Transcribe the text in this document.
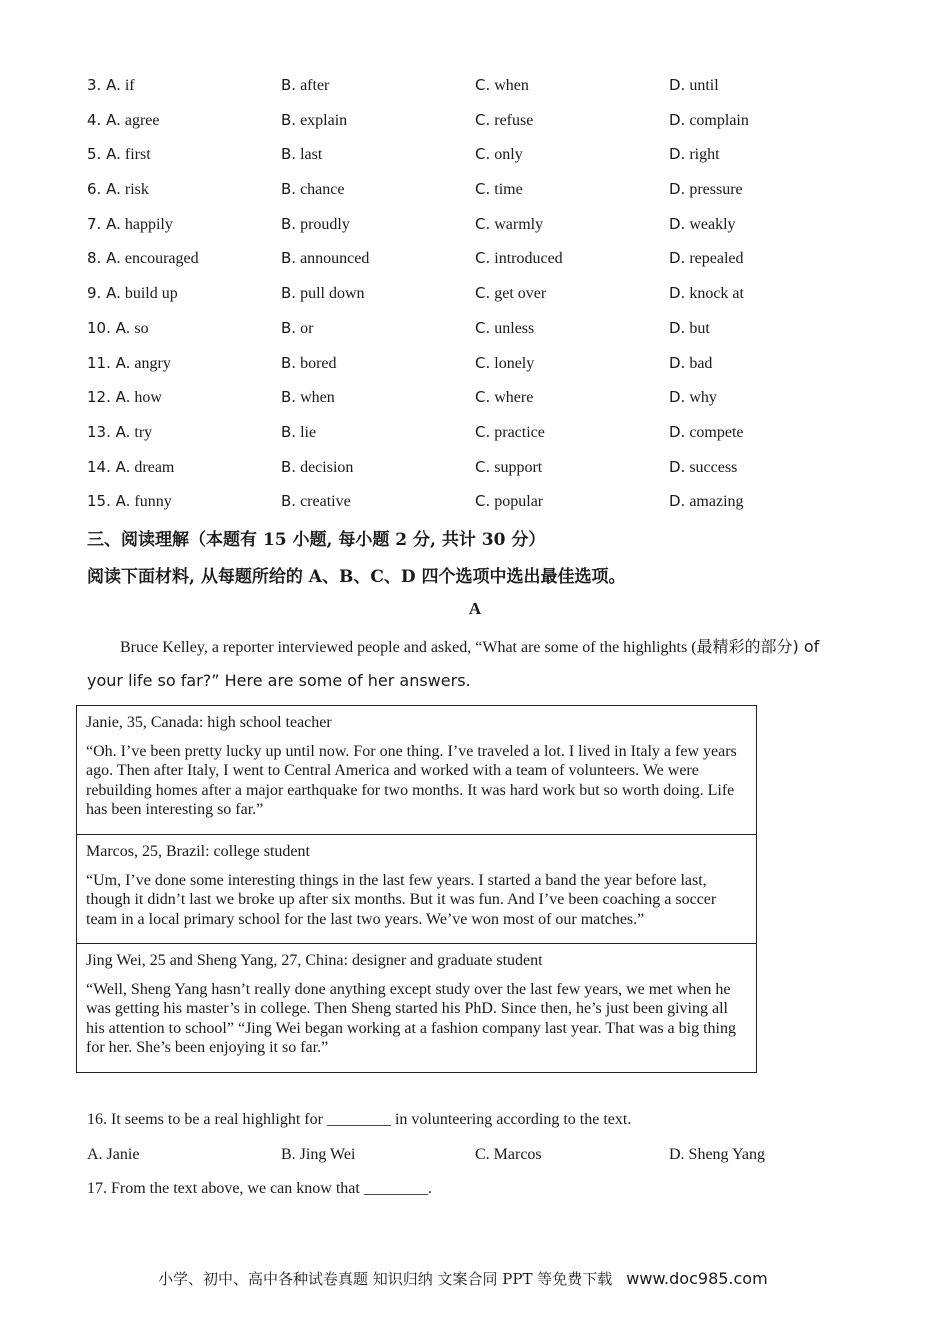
3. A. if	B. after	C. when	D. until
4. A. agree	B. explain	C. refuse	D. complain
5. A. first	B. last	C. only	D. right
6. A. risk	B. chance	C. time	D. pressure
7. A. happily	B. proudly	C. warmly	D. weakly
8. A. encouraged	B. announced	C. introduced	D. repealed
9. A. build up	B. pull down	C. get over	D. knock at
10. A. so	B. or	C. unless	D. but
11. A. angry	B. bored	C. lonely	D. bad
12. A. how	B. when	C. where	D. why
13. A. try	B. lie	C. practice	D. compete
14. A. dream	B. decision	C. support	D. success
15. A. funny	B. creative	C. popular	D. amazing
三、阅读理解（本题有 15 小题, 每小题 2 分, 共计 30 分）
阅读下面材料, 从每题所给的 A、B、C、D 四个选项中选出最佳选项。
A
Bruce Kelley, a reporter interviewed people and asked, “What are some of the highlights (最精彩的部分) of
your life so far?” Here are some of her answers.
Janie, 35, Canada: high school teacher
“Oh. I’ve been pretty lucky up until now. For one thing. I’ve traveled a lot. I lived in Italy a few years ago. Then after Italy, I went to Central America and worked with a team of volunteers. We were rebuilding homes after a major earthquake for two months. It was hard work but so worth doing. Life has been interesting so far.”
Marcos, 25, Brazil: college student
“Um, I’ve done some interesting things in the last few years. I started a band the year before last, though it didn’t last we broke up after six months. But it was fun. And I’ve been coaching a soccer team in a local primary school for the last two years. We’ve won most of our matches.”
Jing Wei, 25 and Sheng Yang, 27, China: designer and graduate student
“Well, Sheng Yang hasn’t really done anything except study over the last few years, we met when he was getting his master’s in college. Then Sheng started his PhD. Since then, he’s just been giving all his attention to school” “Jing Wei began working at a fashion company last year. That was a big thing for her. She’s been enjoying it so far.”
16. It seems to be a real highlight for ________ in volunteering according to the text.
A. Janie	B. Jing Wei	C. Marcos	D. Sheng Yang
17. From the text above, we can know that ________.
小学、初中、高中各种试卷真题 知识归纳 文案合同 PPT 等免费下载 www.doc985.com
